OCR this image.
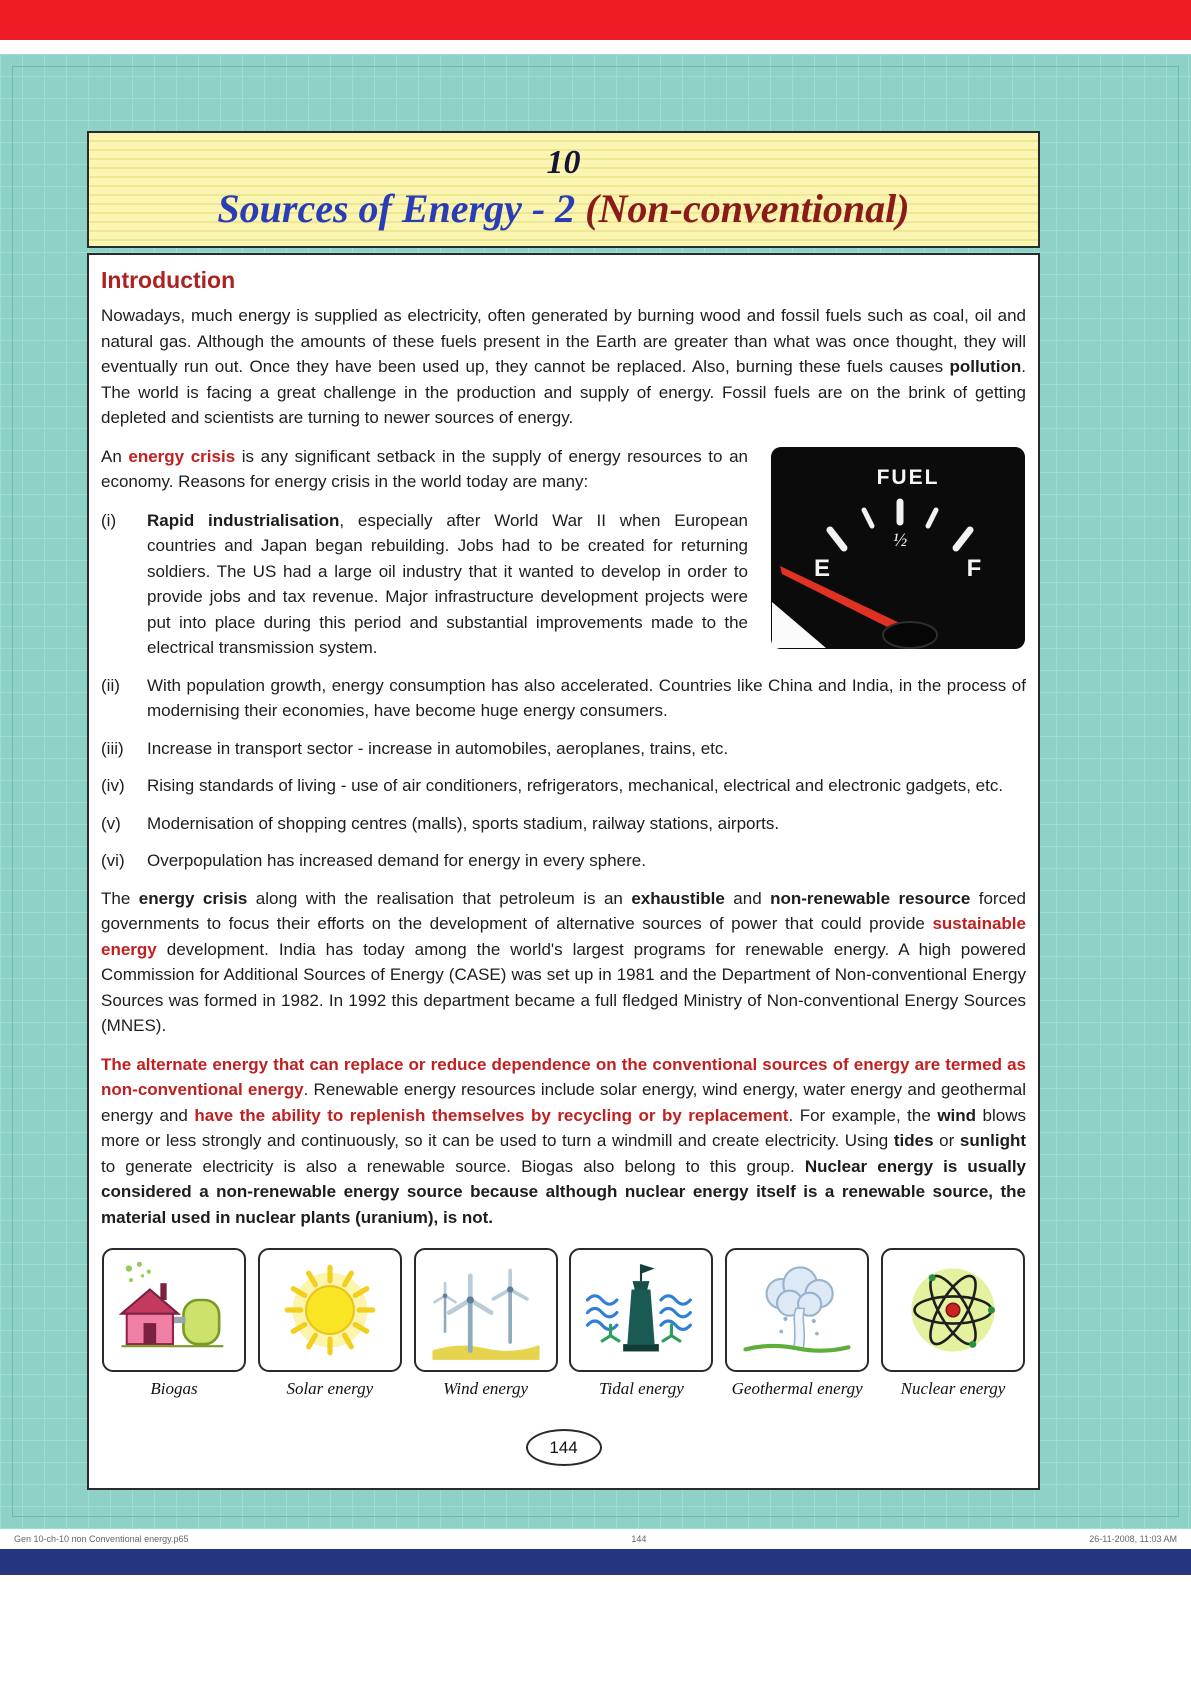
10
Sources of Energy - 2 (Non-conventional)
Introduction

Nowadays, much energy is supplied as electricity, often generated by burning wood and fossil fuels such as coal, oil and natural gas. Although the amounts of these fuels present in the Earth are greater than what was once thought, they will eventually run out. Once they have been used up, they cannot be replaced. Also, burning these fuels causes pollution. The world is facing a great challenge in the production and supply of energy. Fossil fuels are on the brink of getting depleted and scientists are turning to newer sources of energy.

FUEL
E
½
F

An energy crisis is any significant setback in the supply of energy resources to an economy. Reasons for energy crisis in the world today are many:

(i) Rapid industrialisation, especially after World War II when European countries and Japan began rebuilding. Jobs had to be created for returning soldiers. The US had a large oil industry that it wanted to develop in order to provide jobs and tax revenue. Major infrastructure development projects were put into place during this period and substantial improvements made to the electrical transmission system.

(ii) With population growth, energy consumption has also accelerated. Countries like China and India, in the process of modernising their economies, have become huge energy consumers.

(iii) Increase in transport sector - increase in automobiles, aeroplanes, trains, etc.

(iv) Rising standards of living - use of air conditioners, refrigerators, mechanical, electrical and electronic gadgets, etc.

(v) Modernisation of shopping centres (malls), sports stadium, railway stations, airports.

(vi) Overpopulation has increased demand for energy in every sphere.

The energy crisis along with the realisation that petroleum is an exhaustible and non-renewable resource forced governments to focus their efforts on the development of alternative sources of power that could provide sustainable energy development. India has today among the world's largest programs for renewable energy. A high powered Commission for Additional Sources of Energy (CASE) was set up in 1981 and the Department of Non-conventional Energy Sources was formed in 1982. In 1992 this department became a full fledged Ministry of Non-conventional Energy Sources (MNES).

The alternate energy that can replace or reduce dependence on the conventional sources of energy are termed as non-conventional energy. Renewable energy resources include solar energy, wind energy, water energy and geothermal energy and have the ability to replenish themselves by recycling or by replacement. For example, the wind blows more or less strongly and continuously, so it can be used to turn a windmill and create electricity. Using tides or sunlight to generate electricity is also a renewable source. Biogas also belong to this group. Nuclear energy is usually considered a non-renewable energy source because although nuclear energy itself is a renewable source, the material used in nuclear plants (uranium), is not.

Biogas	Solar energy	Wind energy	Tidal energy	Geothermal energy Nuclear energy
144
Gen 10-ch-10 non Conventional energy.p65	144	26-11-2008, 11:03 AM
